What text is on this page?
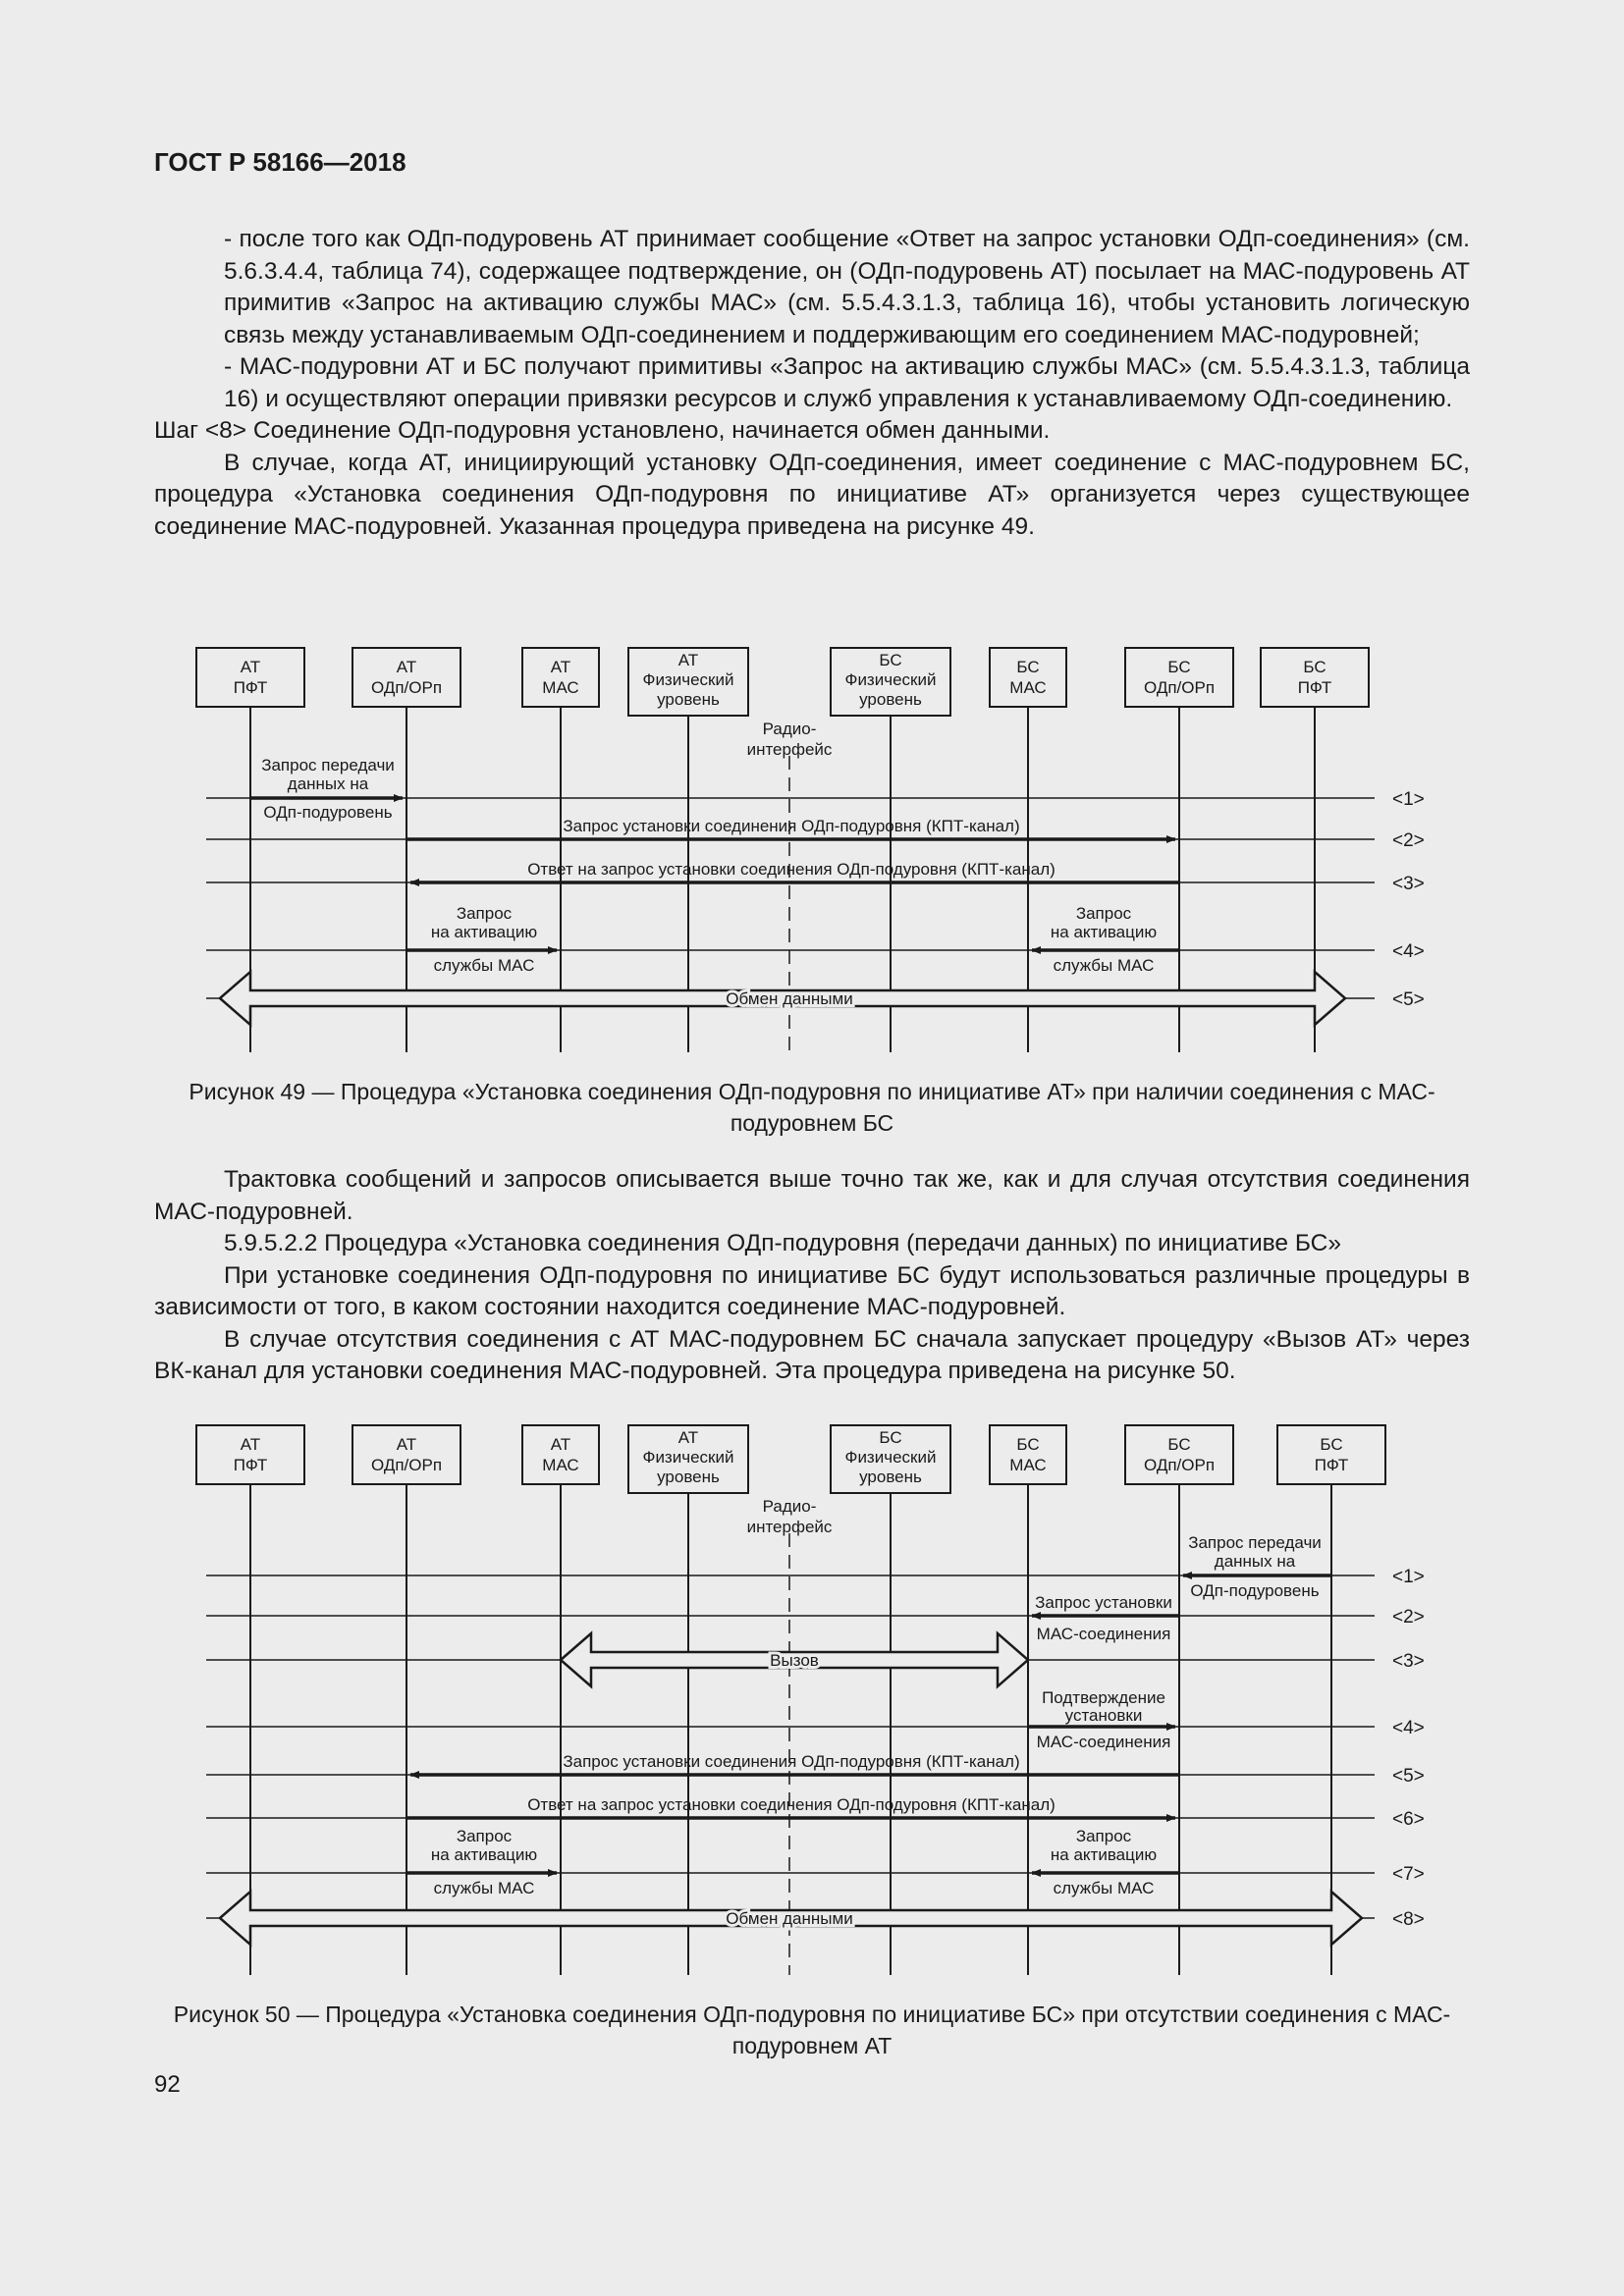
ГОСТ Р 58166—2018

- после того как ОДп-подуровень АТ принимает сообщение «Ответ на запрос установки ОДп-соединения» (см. 5.6.3.4.4, таблица 74), содержащее подтверждение, он (ОДп-подуровень АТ) посылает на МАС-подуровень АТ примитив «Запрос на активацию службы МАС» (см. 5.5.4.3.1.3, таблица 16), чтобы установить логическую связь между устанавливаемым ОДп-соединением и поддерживающим его соединением МАС-подуровней;

- МАС-подуровни АТ и БС получают примитивы «Запрос на активацию службы МАС» (см. 5.5.4.3.1.3, таблица 16) и осуществляют операции привязки ресурсов и служб управления к устанавливаемому ОДп-соединению.

Шаг <8> Соединение ОДп-подуровня установлено, начинается обмен данными.

В случае, когда АТ, инициирующий установку ОДп-соединения, имеет соединение с МАС-подуровнем БС, процедура «Установка соединения ОДп-подуровня по инициативе АТ» организуется через существующее соединение МАС-подуровней. Указанная процедура приведена на рисунке 49.

АТ
ПФТ
АТ
ОДп/ОРп
АТ
МАС
АТ
Физический
уровень
БС
Физический
уровень
БС
МАС
БС
ОДп/ОРп
БС
ПФТ
Радио-
интерфейс
Запрос передачи
данных на
ОДп-подуровень
Запрос установки соединения ОДп-подуровня (КПТ-канал)
Ответ на запрос установки соединения ОДп-подуровня (КПТ-канал)
Запрос
на активацию
службы МАС
Запрос
на активацию
службы МАС
Обмен данными
<1>
<2>
<3>
<4>
<5>
Рисунок 49 — Процедура «Установка соединения ОДп-подуровня по инициативе АТ» при наличии соединения с МАС-подуровнем БС

Трактовка сообщений и запросов описывается выше точно так же, как и для случая отсутствия соединения МАС-подуровней.

5.9.5.2.2 Процедура «Установка соединения ОДп-подуровня (передачи данных) по инициативе БС»

При установке соединения ОДп-подуровня по инициативе БС будут использоваться различные процедуры в зависимости от того, в каком состоянии находится соединение МАС-подуровней.

В случае отсутствия соединения с АТ МАС-подуровнем БС сначала запускает процедуру «Вызов АТ» через ВК-канал для установки соединения МАС-подуровней. Эта процедура приведена на рисунке 50.

АТ
ПФТ
АТ
ОДп/ОРп
АТ
МАС
АТ
Физический
уровень
БС
Физический
уровень
БС
МАС
БС
ОДп/ОРп
БС
ПФТ
Радио-
интерфейс
Запрос передачи
данных на
ОДп-подуровень
Запрос установки
МАС-соединения
Вызов
Подтверждение
установки
МАС-соединения
Запрос установки соединения ОДп-подуровня (КПТ-канал)
Ответ на запрос установки соединения ОДп-подуровня (КПТ-канал)
Запрос
на активацию
службы МАС
Запрос
на активацию
службы МАС
Обмен данными
<1>
<2>
<3>
<4>
<5>
<6>
<7>
<8>
Рисунок 50 — Процедура «Установка соединения ОДп-подуровня по инициативе БС» при отсутствии соединения с МАС-подуровнем АТ
92
